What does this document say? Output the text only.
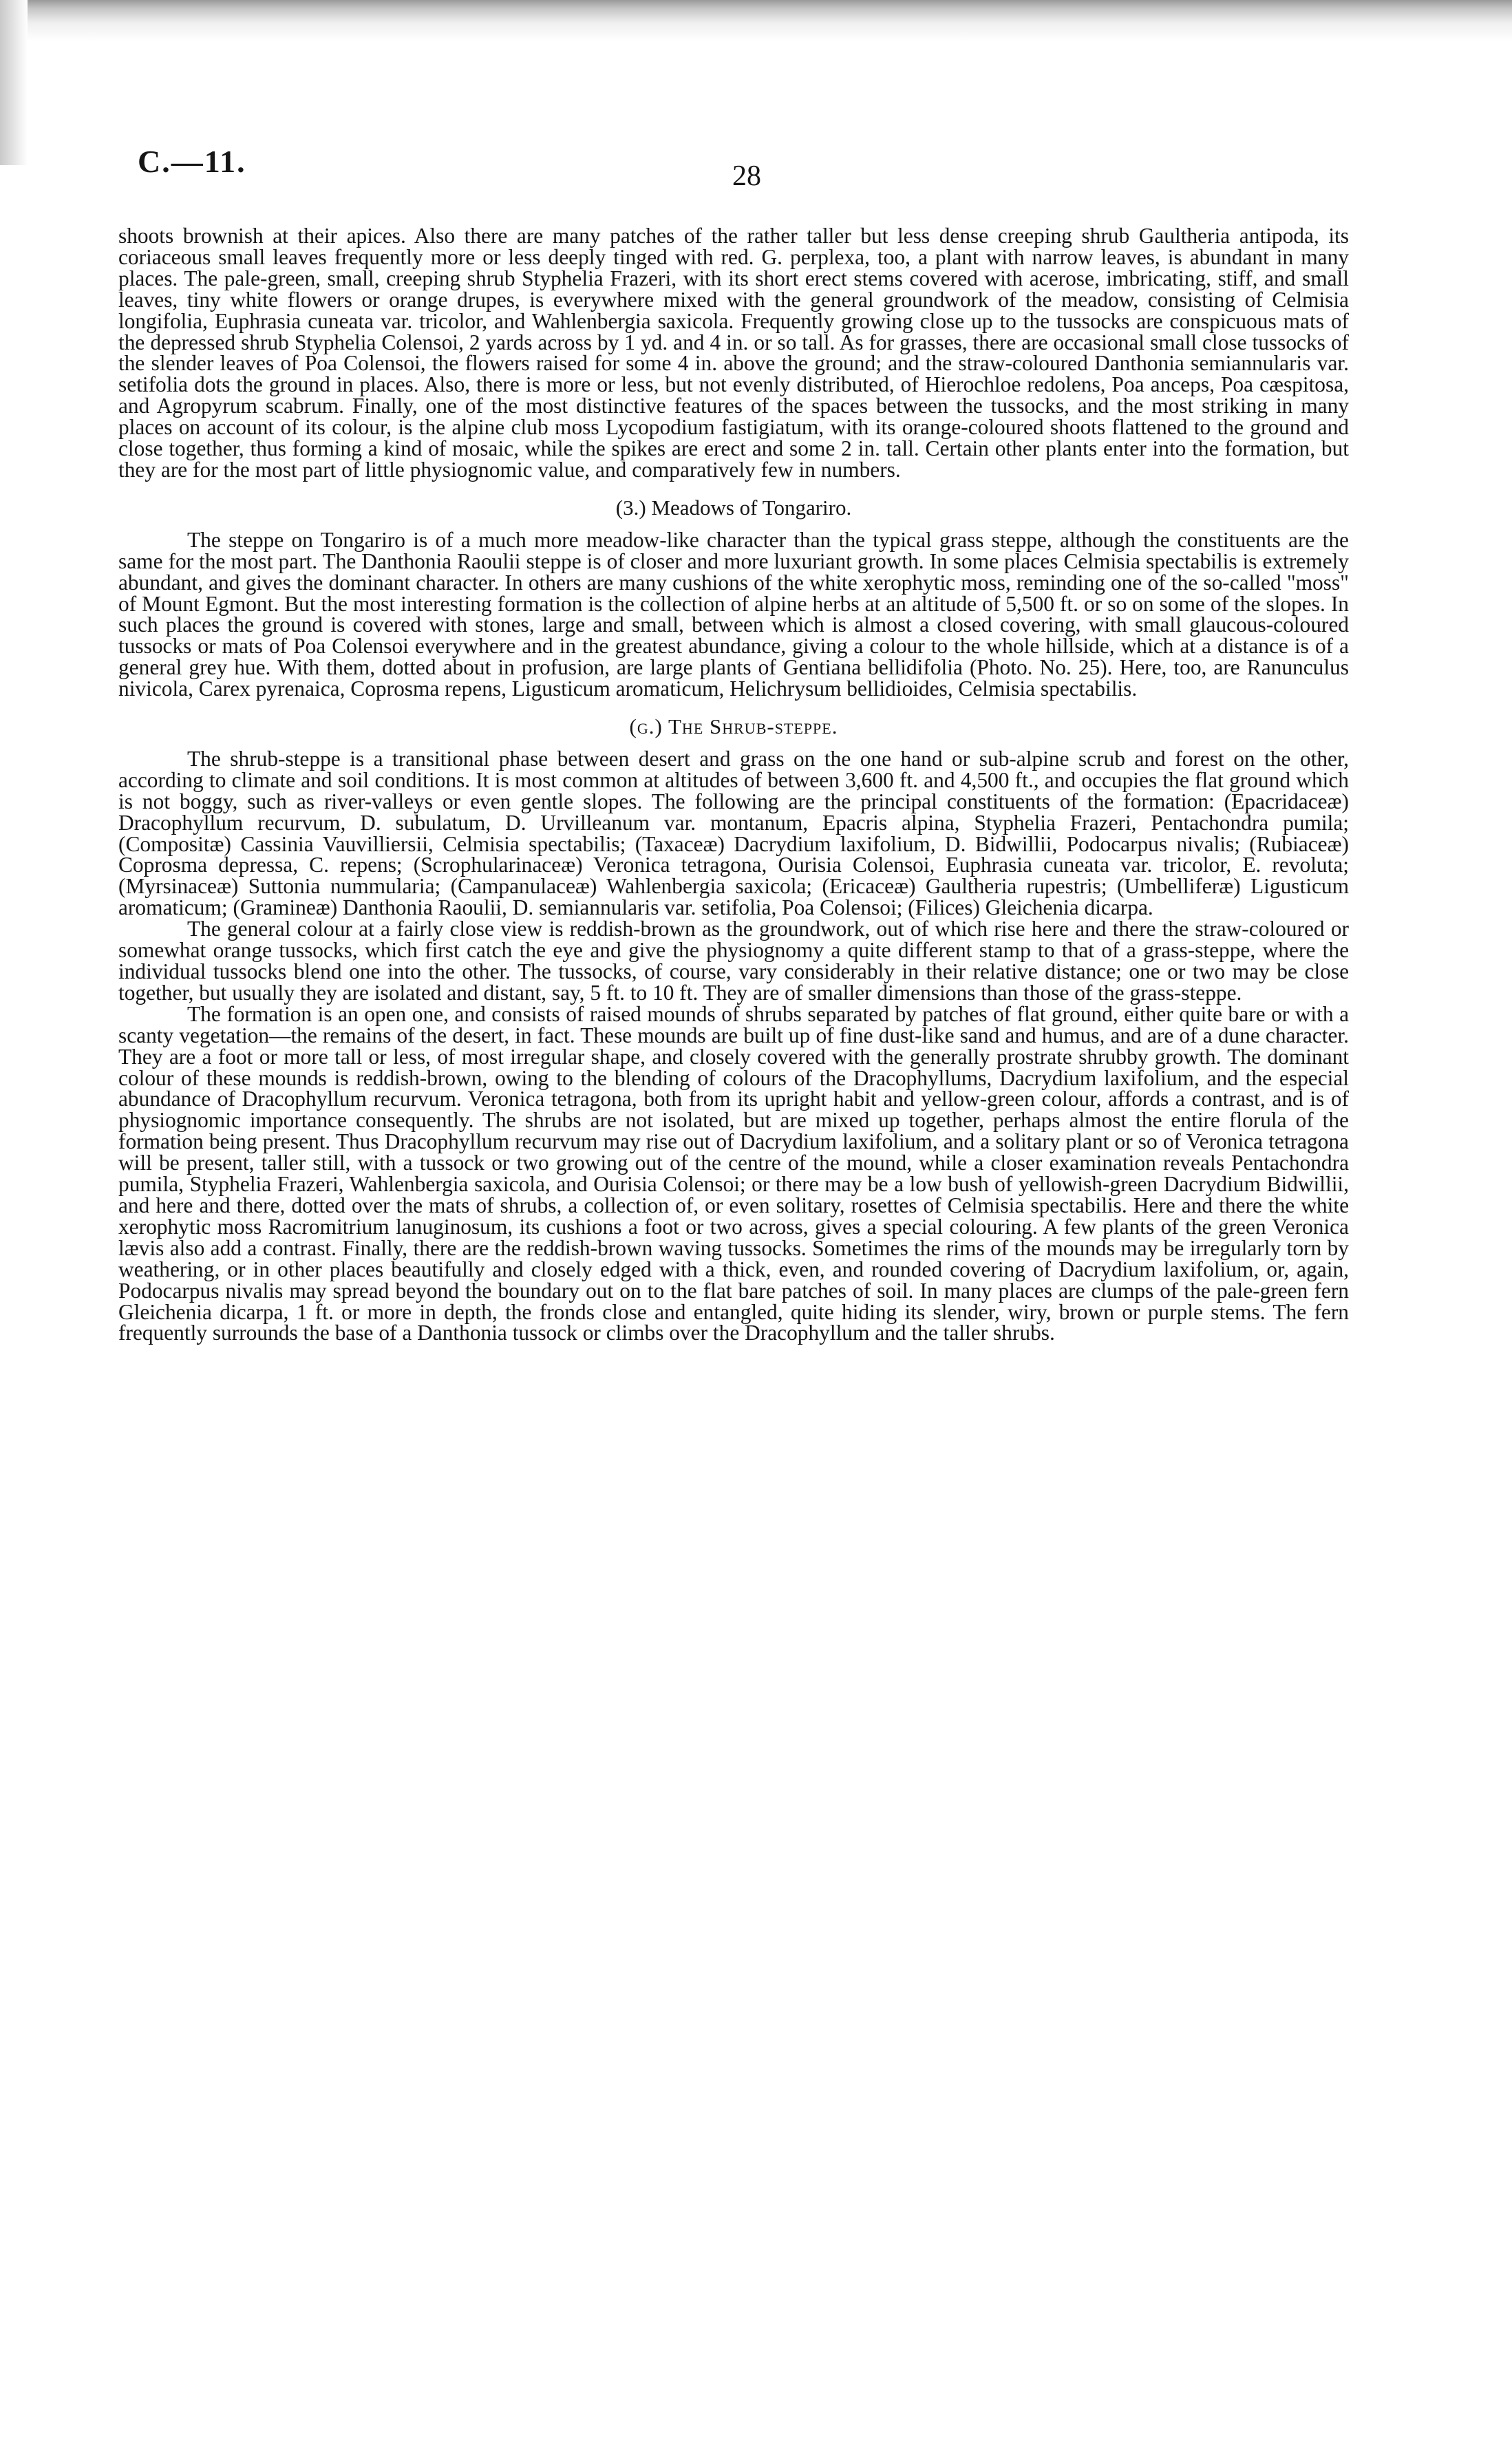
C.—11.	28

shoots brownish at their apices. Also there are many patches of the rather taller but less dense creeping shrub Gaultheria antipoda, its coriaceous small leaves frequently more or less deeply tinged with red. G. perplexa, too, a plant with narrow leaves, is abundant in many places. The pale-green, small, creeping shrub Styphelia Frazeri, with its short erect stems covered with acerose, imbricating, stiff, and small leaves, tiny white flowers or orange drupes, is everywhere mixed with the general groundwork of the meadow, consisting of Celmisia longifolia, Euphrasia cuneata var. tricolor, and Wahlenbergia saxicola. Frequently growing close up to the tussocks are conspicuous mats of the depressed shrub Styphelia Colensoi, 2 yards across by 1 yd. and 4 in. or so tall. As for grasses, there are occasional small close tussocks of the slender leaves of Poa Colensoi, the flowers raised for some 4 in. above the ground; and the straw-coloured Danthonia semiannularis var. setifolia dots the ground in places. Also, there is more or less, but not evenly distributed, of Hierochloe redolens, Poa anceps, Poa cæspitosa, and Agropyrum scabrum. Finally, one of the most distinctive features of the spaces between the tussocks, and the most striking in many places on account of its colour, is the alpine club moss Lycopodium fastigiatum, with its orange-coloured shoots flattened to the ground and close together, thus forming a kind of mosaic, while the spikes are erect and some 2 in. tall. Certain other plants enter into the formation, but they are for the most part of little physiognomic value, and comparatively few in numbers.

(3.) Meadows of Tongariro.

The steppe on Tongariro is of a much more meadow-like character than the typical grass steppe, although the constituents are the same for the most part. The Danthonia Raoulii steppe is of closer and more luxuriant growth. In some places Celmisia spectabilis is extremely abundant, and gives the dominant character. In others are many cushions of the white xerophytic moss, reminding one of the so-called "moss" of Mount Egmont. But the most interesting formation is the collection of alpine herbs at an altitude of 5,500 ft. or so on some of the slopes. In such places the ground is covered with stones, large and small, between which is almost a closed covering, with small glaucous-coloured tussocks or mats of Poa Colensoi everywhere and in the greatest abundance, giving a colour to the whole hillside, which at a distance is of a general grey hue. With them, dotted about in profusion, are large plants of Gentiana bellidifolia (Photo. No. 25). Here, too, are Ranunculus nivicola, Carex pyrenaica, Coprosma repens, Ligusticum aromaticum, Helichrysum bellidioides, Celmisia spectabilis.

(g.) The Shrub-steppe.

The shrub-steppe is a transitional phase between desert and grass on the one hand or sub-alpine scrub and forest on the other, according to climate and soil conditions. It is most common at altitudes of between 3,600 ft. and 4,500 ft., and occupies the flat ground which is not boggy, such as river-valleys or even gentle slopes. The following are the principal constituents of the formation: (Epacridaceæ) Dracophyllum recurvum, D. subulatum, D. Urvilleanum var. montanum, Epacris alpina, Styphelia Frazeri, Pentachondra pumila; (Compositæ) Cassinia Vauvilliersii, Celmisia spectabilis; (Taxaceæ) Dacrydium laxifolium, D. Bidwillii, Podocarpus nivalis; (Rubiaceæ) Coprosma depressa, C. repens; (Scrophularinaceæ) Veronica tetragona, Ourisia Colensoi, Euphrasia cuneata var. tricolor, E. revoluta; (Myrsinaceæ) Suttonia nummularia; (Campanulaceæ) Wahlenbergia saxicola; (Ericaceæ) Gaultheria rupestris; (Umbelliferæ) Ligusticum aromaticum; (Gramineæ) Danthonia Raoulii, D. semiannularis var. setifolia, Poa Colensoi; (Filices) Gleichenia dicarpa.

The general colour at a fairly close view is reddish-brown as the groundwork, out of which rise here and there the straw-coloured or somewhat orange tussocks, which first catch the eye and give the physiognomy a quite different stamp to that of a grass-steppe, where the individual tussocks blend one into the other. The tussocks, of course, vary considerably in their relative distance; one or two may be close together, but usually they are isolated and distant, say, 5 ft. to 10 ft. They are of smaller dimensions than those of the grass-steppe.

The formation is an open one, and consists of raised mounds of shrubs separated by patches of flat ground, either quite bare or with a scanty vegetation—the remains of the desert, in fact. These mounds are built up of fine dust-like sand and humus, and are of a dune character. They are a foot or more tall or less, of most irregular shape, and closely covered with the generally prostrate shrubby growth. The dominant colour of these mounds is reddish-brown, owing to the blending of colours of the Dracophyllums, Dacrydium laxifolium, and the especial abundance of Dracophyllum recurvum. Veronica tetragona, both from its upright habit and yellow-green colour, affords a contrast, and is of physiognomic importance consequently. The shrubs are not isolated, but are mixed up together, perhaps almost the entire florula of the formation being present. Thus Dracophyllum recurvum may rise out of Dacrydium laxifolium, and a solitary plant or so of Veronica tetragona will be present, taller still, with a tussock or two growing out of the centre of the mound, while a closer examination reveals Pentachondra pumila, Styphelia Frazeri, Wahlenbergia saxicola, and Ourisia Colensoi; or there may be a low bush of yellowish-green Dacrydium Bidwillii, and here and there, dotted over the mats of shrubs, a collection of, or even solitary, rosettes of Celmisia spectabilis. Here and there the white xerophytic moss Racromitrium lanuginosum, its cushions a foot or two across, gives a special colouring. A few plants of the green Veronica lævis also add a contrast. Finally, there are the reddish-brown waving tussocks. Sometimes the rims of the mounds may be irregularly torn by weathering, or in other places beautifully and closely edged with a thick, even, and rounded covering of Dacrydium laxifolium, or, again, Podocarpus nivalis may spread beyond the boundary out on to the flat bare patches of soil. In many places are clumps of the pale-green fern Gleichenia dicarpa, 1 ft. or more in depth, the fronds close and entangled, quite hiding its slender, wiry, brown or purple stems. The fern frequently surrounds the base of a Danthonia tussock or climbs over the Dracophyllum and the taller shrubs.
